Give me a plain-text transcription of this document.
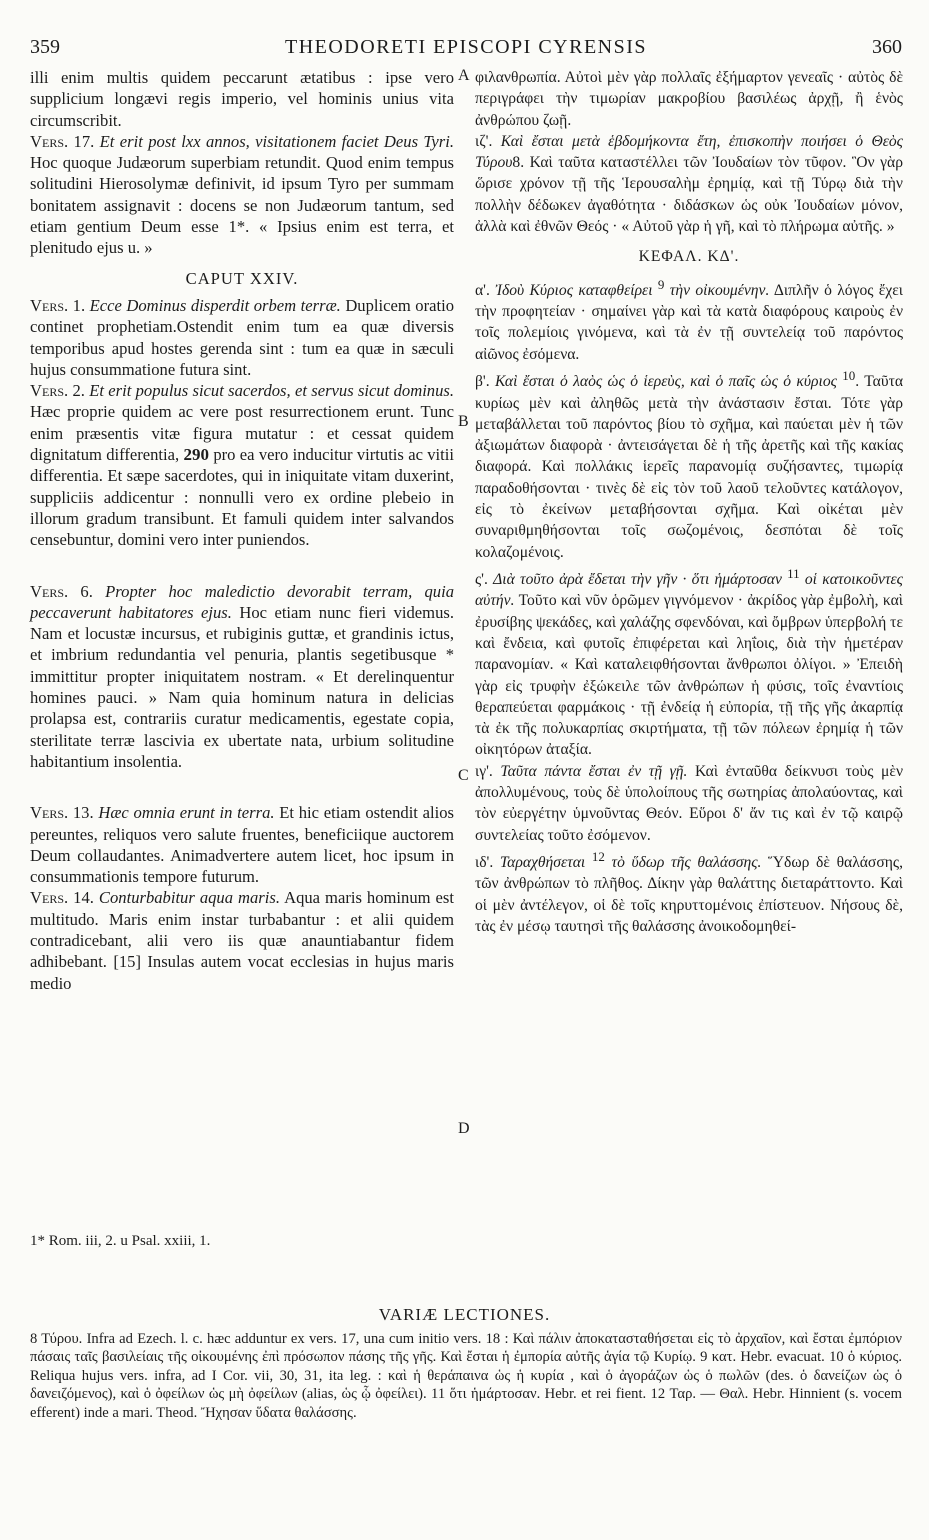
359	THEODORETI EPISCOPI CYRENSIS	360
A
B
C
D

illi enim multis quidem peccarunt ætatibus : ipse vero supplicium longævi regis imperio, vel hominis unius vita circumscribit.

Vers. 17. Et erit post lxx annos, visitationem faciet Deus Tyri. Hoc quoque Judæorum superbiam retundit. Quod enim tempus solitudini Hierosolymæ definivit, id ipsum Tyro per summam bonitatem assignavit : docens se non Judæorum tantum, sed etiam gentium Deum esse 1*. « Ipsius enim est terra, et plenitudo ejus u. »

CAPUT XXIV.

Vers. 1. Ecce Dominus disperdit orbem terræ. Duplicem oratio continet prophetiam.Ostendit enim tum ea quæ diversis temporibus apud hostes gerenda sint : tum ea quæ in sæculi hujus consummatione futura sint.

Vers. 2. Et erit populus sicut sacerdos, et servus sicut dominus. Hæc proprie quidem ac vere post resurrectionem erunt. Tunc enim præsentis vitæ figura mutatur : et cessat quidem dignitatum differentia, 290 pro ea vero inducitur virtutis ac vitii differentia. Et sæpe sacerdotes, qui in iniquitate vitam duxerint, suppliciis addicentur : nonnulli vero ex ordine plebeio in illorum gradum transibunt. Et famuli quidem inter salvandos censebuntur, domini vero inter puniendos.

Vers. 6. Propter hoc maledictio devorabit terram, quia peccaverunt habitatores ejus. Hoc etiam nunc fieri videmus. Nam et locustæ incursus, et rubiginis guttæ, et grandinis ictus, et imbrium redundantia vel penuria, plantis segetibusque * immittitur propter iniquitatem nostram. « Et derelinquentur homines pauci. » Nam quia hominum natura in delicias prolapsa est, contrariis curatur medicamentis, egestate copia, sterilitate terræ lascivia ex ubertate nata, urbium solitudine habitantium insolentia.

Vers. 13. Hæc omnia erunt in terra. Et hic etiam ostendit alios pereuntes, reliquos vero salute fruentes, beneficiique auctorem Deum collaudantes. Animadvertere autem licet, hoc ipsum in consummationis tempore futurum.

Vers. 14. Conturbabitur aqua maris. Aqua maris hominum est multitudo. Maris enim instar turbabantur : et alii quidem contradicebant, alii vero iis quæ anauntiabantur fidem adhibebant. [15] Insulas autem vocat ecclesias in hujus maris medio

φιλανθρωπία. Αὐτοὶ μὲν γὰρ πολλαῖς ἐξήμαρτον γενεαῖς · αὐτὸς δὲ περιγράφει τὴν τιμωρίαν μακροβίου βασιλέως ἀρχῇ, ἢ ἑνὸς ἀνθρώπου ζωῇ.

ιζ'. Καὶ ἔσται μετὰ ἑβδομήκοντα ἔτη, ἐπισκοπὴν ποιήσει ὁ Θεὸς Τύρου8. Καὶ ταῦτα καταστέλλει τῶν Ἰουδαίων τὸν τῦφον. Ὃν γὰρ ὥρισε χρόνον τῇ τῆς Ἱερουσαλὴμ ἐρημίᾳ, καὶ τῇ Τύρῳ διὰ τὴν πολλὴν δέδωκεν ἀγαθότητα · διδάσκων ὡς οὐκ Ἰουδαίων μόνον, ἀλλὰ καὶ ἐθνῶν Θεός · « Αὐτοῦ γὰρ ἡ γῆ, καὶ τὸ πλήρωμα αὐτῆς. »

ΚΕΦΑΛ. ΚΔ'.

α'. Ἰδοὺ Κύριος καταφθείρει $^9$ τὴν οἰκουμένην. Διπλῆν ὁ λόγος ἔχει τὴν προφητείαν · σημαίνει γὰρ καὶ τὰ κατὰ διαφόρους καιροὺς ἐν τοῖς πολεμίοις γινόμενα, καὶ τὰ ἐν τῇ συντελείᾳ τοῦ παρόντος αἰῶνος ἐσόμενα.

β'. Καὶ ἔσται ὁ λαὸς ὡς ὁ ἱερεὺς, καὶ ὁ παῖς ὡς ὁ κύριος $^{10}$. Ταῦτα κυρίως μὲν καὶ ἀληθῶς μετὰ τὴν ἀνάστασιν ἔσται. Τότε γὰρ μεταβάλλεται τοῦ παρόντος βίου τὸ σχῆμα, καὶ παύεται μὲν ἡ τῶν ἀξιωμάτων διαφορὰ · ἀντεισάγεται δὲ ἡ τῆς ἀρετῆς καὶ τῆς κακίας διαφορά. Καὶ πολλάκις ἱερεῖς παρανομίᾳ συζήσαντες, τιμωρίᾳ παραδοθήσονται · τινὲς δὲ εἰς τὸν τοῦ λαοῦ τελοῦντες κατάλογον, εἰς τὸ ἐκείνων μεταβήσονται σχῆμα. Καὶ οἰκέται μὲν συναριθμηθήσονται τοῖς σωζομένοις, δεσπόται δὲ τοῖς κολαζομένοις.

ς'. Διὰ τοῦτο ἀρὰ ἔδεται τὴν γῆν · ὅτι ἡμάρτοσαν $^{11}$ οἱ κατοικοῦντες αὐτήν. Τοῦτο καὶ νῦν ὁρῶμεν γιγνόμενον · ἀκρίδος γὰρ ἐμβολὴ, καὶ ἐρυσίβης ψεκάδες, καὶ χαλάζης σφενδόναι, καὶ ὄμβρων ὑπερβολή τε καὶ ἔνδεια, καὶ φυτοῖς ἐπιφέρεται καὶ ληΐοις, διὰ τὴν ἡμετέραν παρανομίαν. « Καὶ καταλειφθήσονται ἄνθρωποι ὀλίγοι. » Ἐπειδὴ γὰρ εἰς τρυφὴν ἐξώκειλε τῶν ἀνθρώπων ἡ φύσις, τοῖς ἐναντίοις θεραπεύεται φαρμάκοις · τῇ ἐνδείᾳ ἡ εὐπορία, τῇ τῆς γῆς ἀκαρπίᾳ τὰ ἐκ τῆς πολυκαρπίας σκιρτήματα, τῇ τῶν πόλεων ἐρημίᾳ ἡ τῶν οἰκητόρων ἀταξία.

ιγ'. Ταῦτα πάντα ἔσται ἐν τῇ γῇ. Καὶ ἐνταῦθα δείκνυσι τοὺς μὲν ἀπολλυμένους, τοὺς δὲ ὑπολοίπους τῆς σωτηρίας ἀπολαύοντας, καὶ τὸν εὐεργέτην ὑμνοῦντας Θεόν. Εὕροι δ' ἄν τις καὶ ἐν τῷ καιρῷ συντελείας τοῦτο ἐσόμενον.

ιδ'. Ταραχθήσεται $^{12}$ τὸ ὕδωρ τῆς θαλάσσης. Ὕδωρ δὲ θαλάσσης, τῶν ἀνθρώπων τὸ πλῆθος. Δίκην γὰρ θαλάττης διεταράττοντο. Καὶ οἱ μὲν ἀντέλεγον, οἱ δὲ τοῖς κηρυττομένοις ἐπίστευον. Νήσους δὲ, τὰς ἐν μέσῳ ταυτησὶ τῆς θαλάσσης ἀνοικοδομηθεί-

1* Rom. iii, 2. u Psal. xxiii, 1.
VARIÆ LECTIONES.

8 Τύρου. Infra ad Ezech. l. c. hæc adduntur ex vers. 17, una cum initio vers. 18 : Καὶ πάλιν ἀποκατασταθήσεται εἰς τὸ ἀρχαῖον, καὶ ἔσται ἐμπόριον πάσαις ταῖς βασιλείαις τῆς οἰκουμένης ἐπὶ πρόσωπον πάσης τῆς γῆς. Καὶ ἔσται ἡ ἐμπορία αὐτῆς ἁγία τῷ Κυρίῳ. 9 κατ. Hebr. evacuat. 10 ὁ κύριος. Reliqua hujus vers. infra, ad I Cor. vii, 30, 31, ita leg. : καὶ ἡ θεράπαινα ὡς ἡ κυρία , καὶ ὁ ἀγοράζων ὡς ὁ πωλῶν (des. ὁ δανείζων ὡς ὁ δανειζόμενος), καὶ ὁ ὀφείλων ὡς μὴ ὀφείλων (alias, ὡς ᾧ ὀφείλει). 11 ὅτι ἡμάρτοσαν. Hebr. et rei fient. 12 Ταρ. — Θαλ. Hebr. Hinnient (s. vocem efferent) inde a mari. Theod. Ἤχησαν ὕδατα θαλάσσης.
